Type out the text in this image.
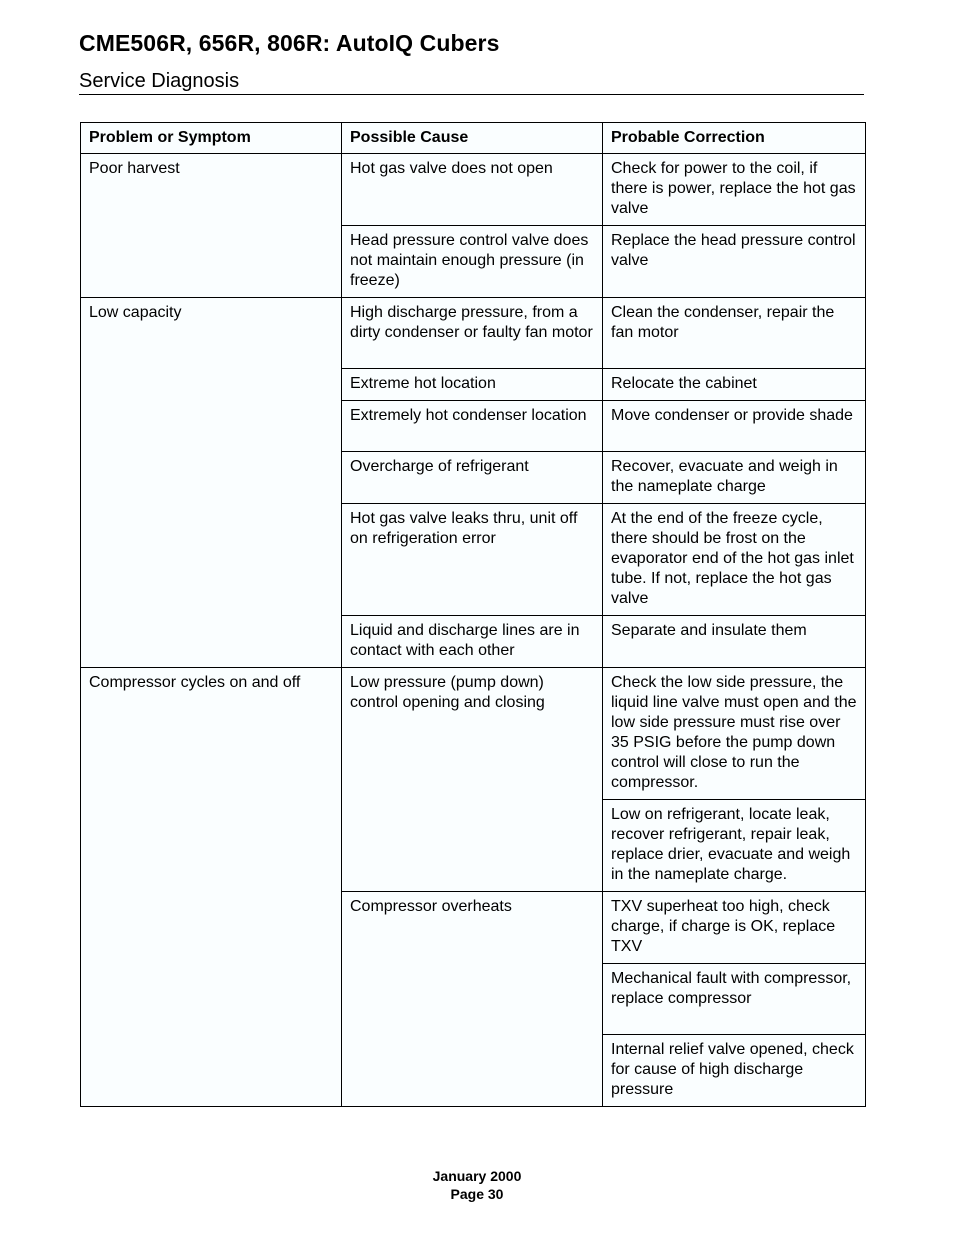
CME506R, 656R, 806R: AutoIQ Cubers
Service Diagnosis
Problem or Symptom	Possible Cause	Probable Correction
Poor harvest	Hot gas valve does not open	Check for power to the coil, if there is power, replace the hot gas valve
	Head pressure control valve does not maintain enough pressure (in freeze)	Replace the head pressure control valve
Low capacity	High discharge pressure, from a dirty condenser or faulty fan motor	Clean the condenser, repair the fan motor
	Extreme hot location	Relocate the cabinet
	Extremely hot condenser location	Move condenser or provide shade
	Overcharge of refrigerant	Recover, evacuate and weigh in the nameplate charge
	Hot gas valve leaks thru, unit off on refrigeration error	At the end of the freeze cycle, there should be frost on the evaporator end of the hot gas inlet tube. If not, replace the hot gas valve
	Liquid and discharge lines are in contact with each other	Separate and insulate them
Compressor cycles on and off	Low pressure (pump down) control opening and closing	Check the low side pressure, the liquid line valve must open and the low side pressure must rise over 35 PSIG before the pump down control will close to run the compressor.
		Low on refrigerant, locate leak, recover refrigerant, repair leak, replace drier, evacuate and weigh in the nameplate charge.
	Compressor overheats	TXV superheat too high, check charge, if charge is OK, replace TXV
		Mechanical fault with compressor, replace compressor
		Internal relief valve opened, check for cause of high discharge pressure
January 2000
Page 30
